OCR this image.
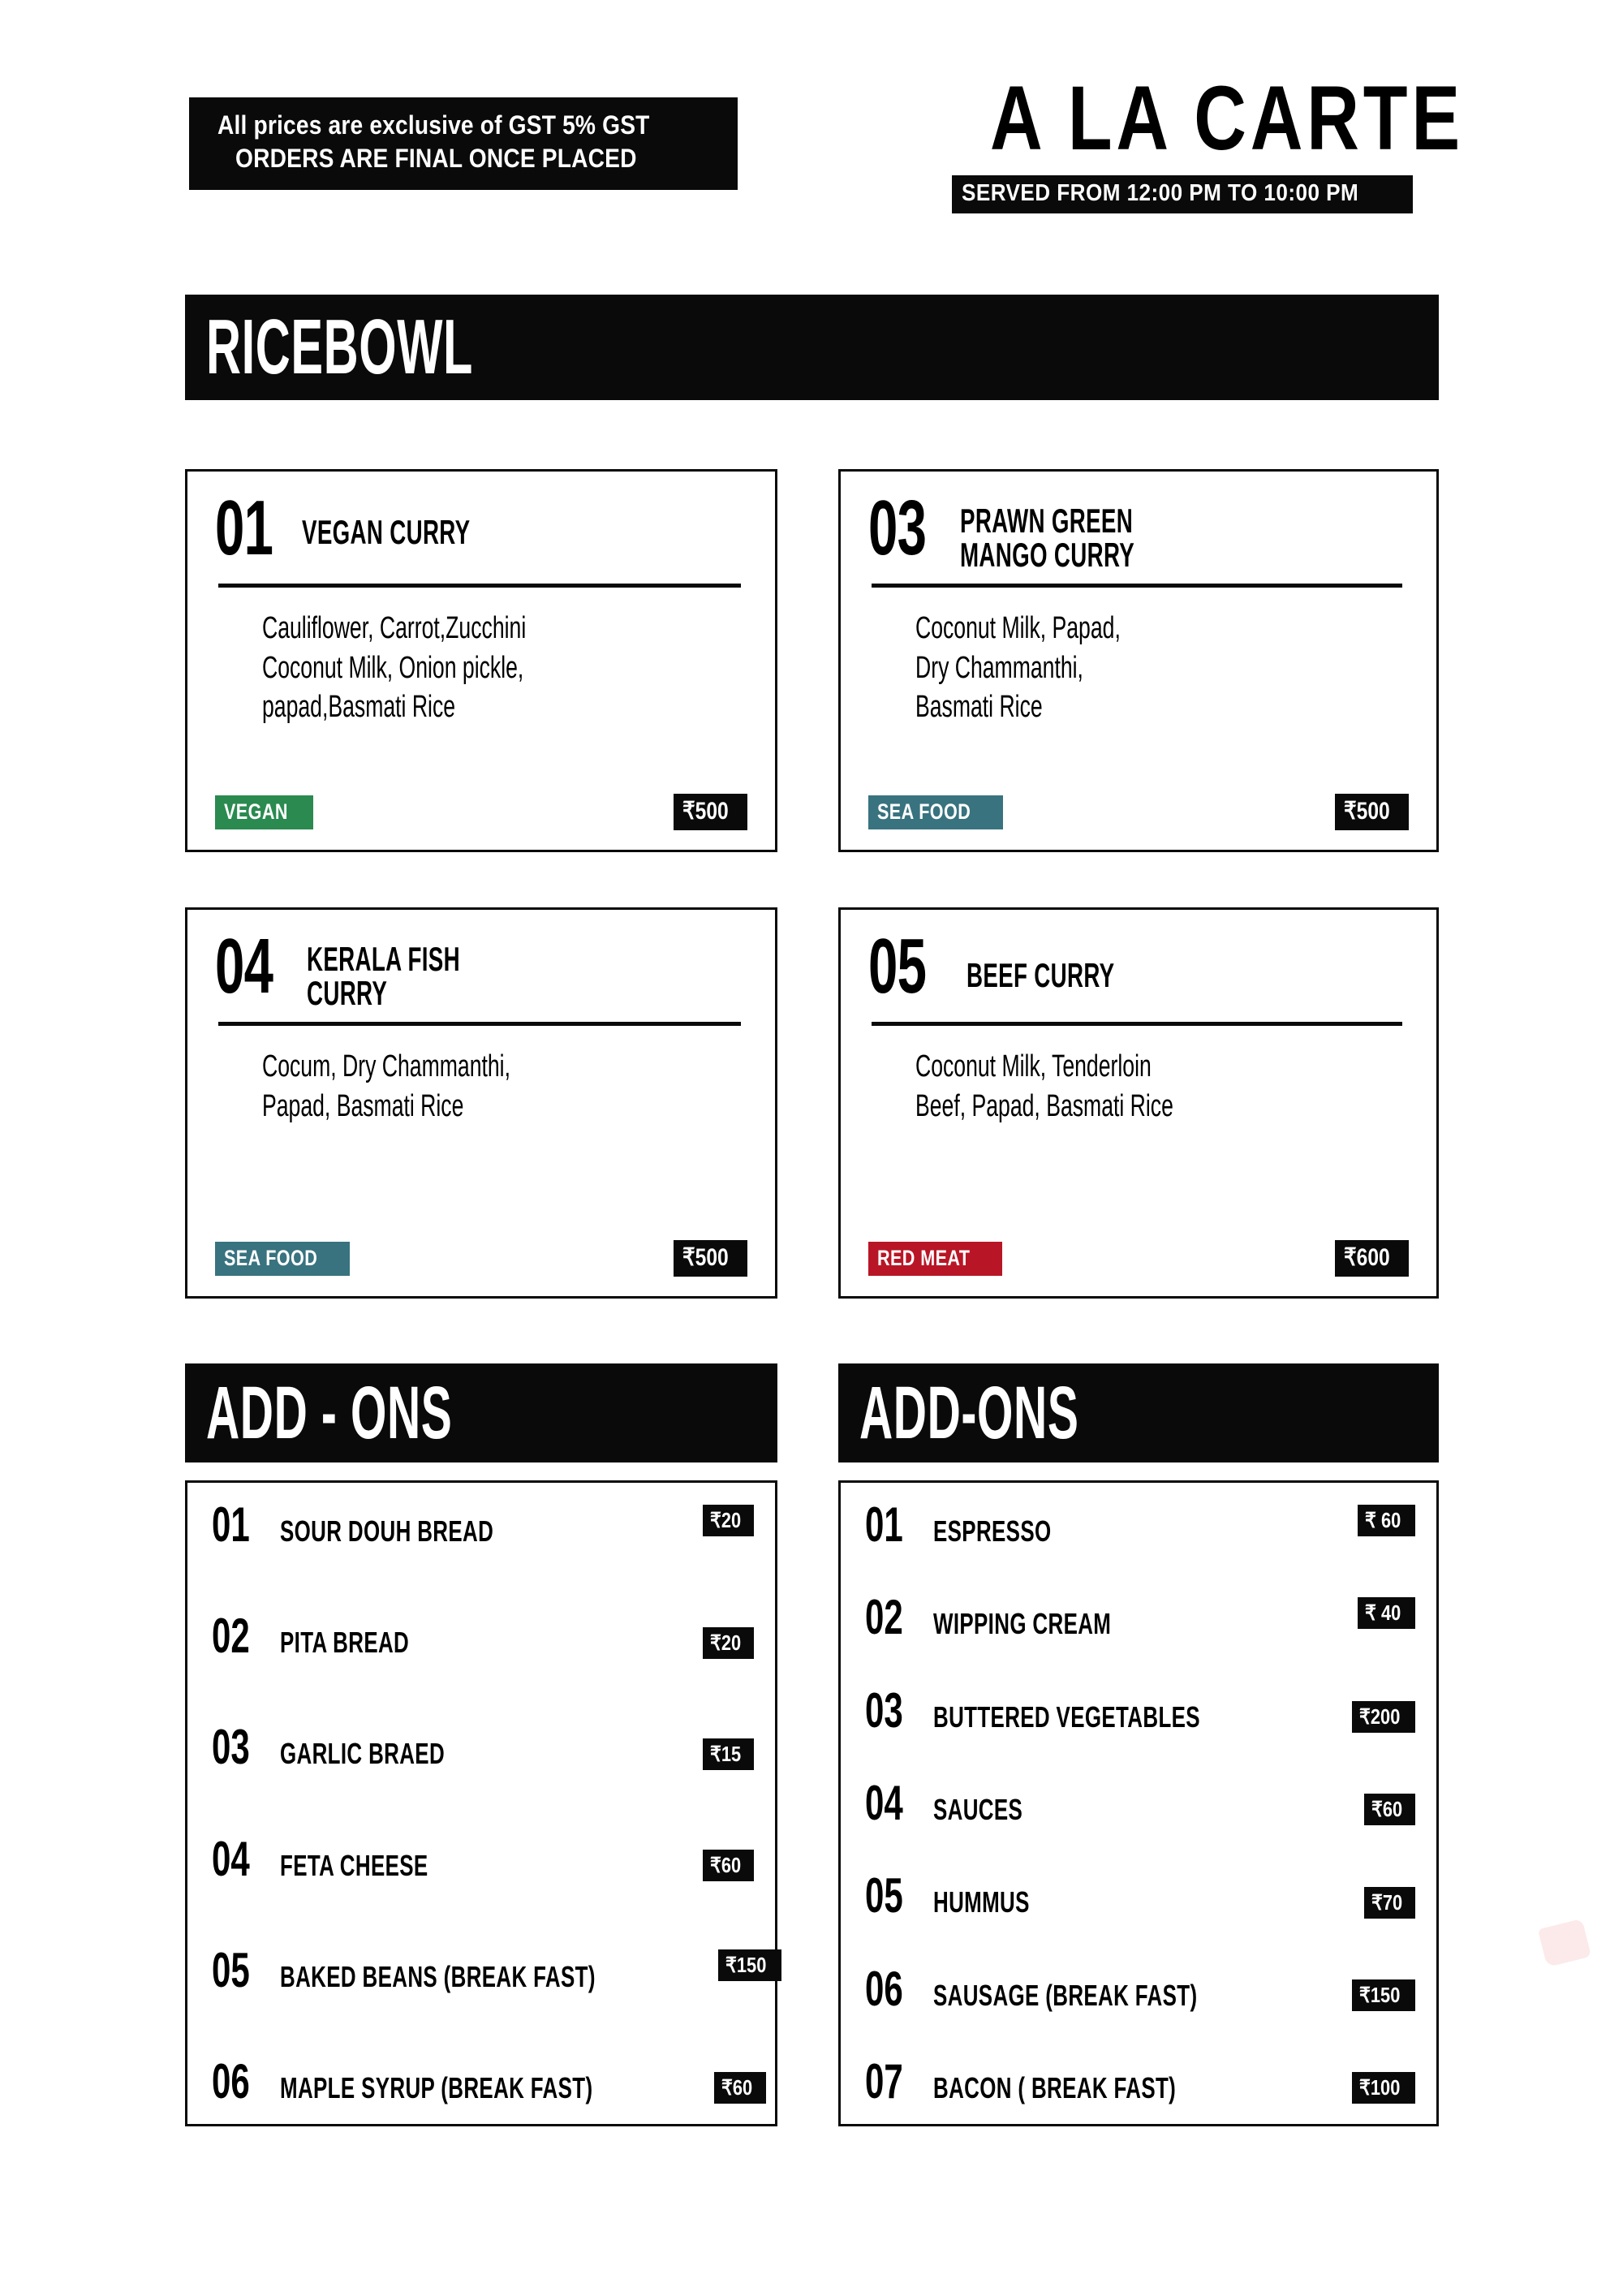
All prices are exclusive of GST 5% GST
ORDERS ARE FINAL ONCE PLACED	A LA CARTE
SERVED FROM 12:00 PM TO 10:00 PM
RICEBOWL
01 VEGAN CURRY
Cauliflower, Carrot,Zucchini
Coconut Milk, Onion pickle,
papad,Basmati Rice
VEGAN	₹500
03 PRAWN GREEN
MANGO CURRY
Coconut Milk, Papad,
Dry Chammanthi,
Basmati Rice
SEA FOOD	₹500
04 KERALA FISH
CURRY
Cocum, Dry Chammanthi,
Papad, Basmati Rice
SEA FOOD	₹500
05	BEEF CURRY
Coconut Milk, Tenderloin
Beef, Papad, Basmati Rice
RED MEAT	₹600
ADD - ONS	ADD-ONS
01	SOUR DOUH BREAD	₹20
02	PITA BREAD	₹20
03	GARLIC BRAED	₹15
04	FETA CHEESE	₹60
05	BAKED BEANS (BREAK FAST)	₹150
06	MAPLE SYRUP (BREAK FAST)	₹60
01	ESPRESSO	₹ 60
02	WIPPING CREAM	₹ 40
03	BUTTERED VEGETABLES	₹200
04	SAUCES	₹60
05	HUMMUS	₹70
06	SAUSAGE (BREAK FAST)	₹150
07	BACON ( BREAK FAST)	₹100
